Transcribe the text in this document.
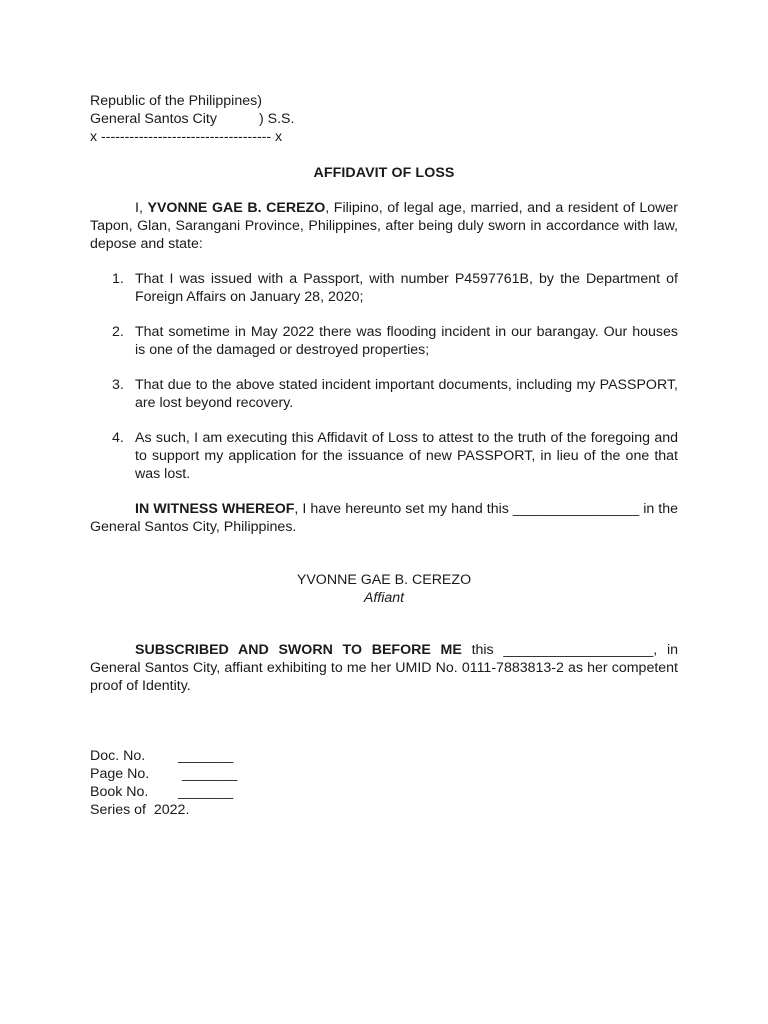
Republic of the Philippines)
General Santos City	) S.S.
x ------------------------------------ x
AFFIDAVIT OF LOSS
I, YVONNE GAE B. CEREZO, Filipino, of legal age, married, and a resident of Lower Tapon, Glan, Sarangani Province, Philippines, after being duly sworn in accordance with law, depose and state:
1. That I was issued with a Passport, with number P4597761B, by the Department of Foreign Affairs on January 28, 2020;
2. That sometime in May 2022 there was flooding incident in our barangay. Our houses is one of the damaged or destroyed properties;
3. That due to the above stated incident important documents, including my PASSPORT, are lost beyond recovery.
4. As such, I am executing this Affidavit of Loss to attest to the truth of the foregoing and to support my application for the issuance of new PASSPORT, in lieu of the one that was lost.
IN WITNESS WHEREOF, I have hereunto set my hand this ________________ in the General Santos City, Philippines.
YVONNE GAE B. CEREZO
Affiant
SUBSCRIBED AND SWORN TO BEFORE ME this ___________________, in General Santos City, affiant exhibiting to me her UMID No. 0111-7883813-2 as her competent proof of Identity.
Doc. No. _______
Page No. _______
Book No. _______
Series of 2022.
